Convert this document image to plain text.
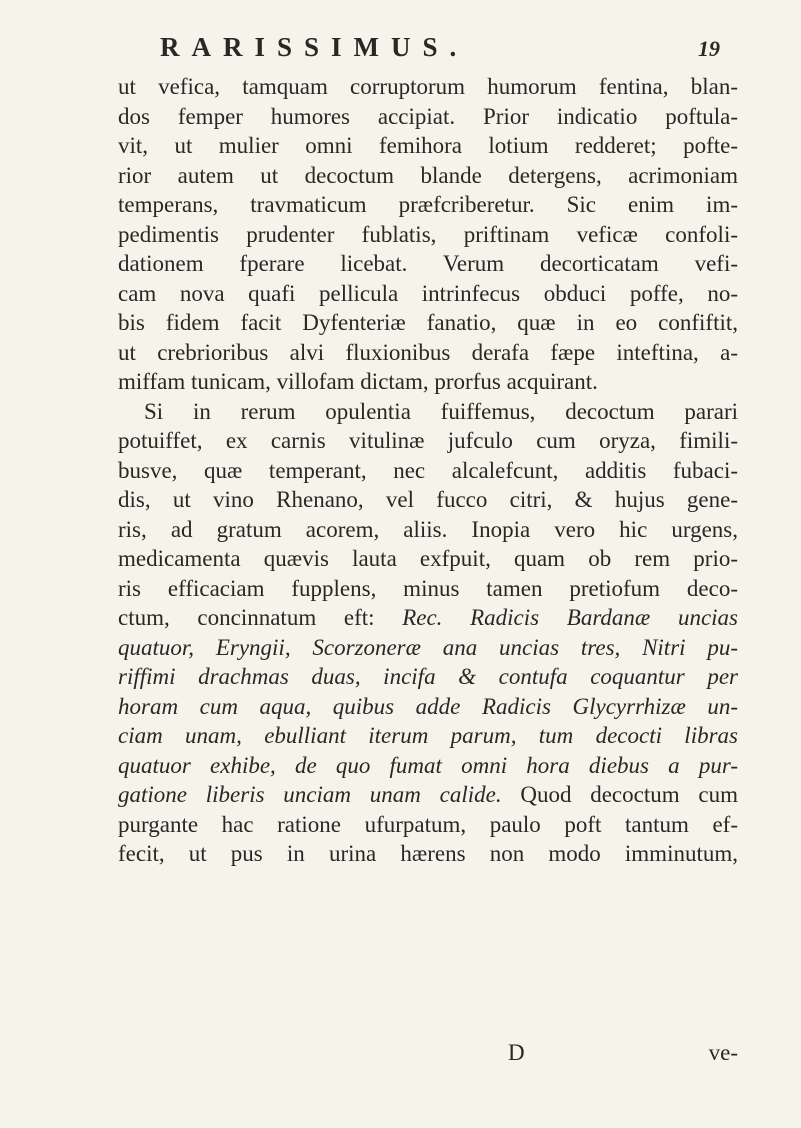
RARISSIMUS.	19
ut vefica, tamquam corruptorum humorum fentina, blan-
dos femper humores accipiat. Prior indicatio poftula-
vit, ut mulier omni femihora lotium redderet; pofte-
rior autem ut decoctum blande detergens, acrimoniam
temperans, travmaticum præfcriberetur. Sic enim im-
pedimentis prudenter fublatis, priftinam veficæ confoli-
dationem fperare licebat. Verum decorticatam vefi-
cam nova quafi pellicula intrinfecus obduci poffe, no-
bis fidem facit Dyfenteriæ fanatio, quæ in eo confiftit,
ut crebrioribus alvi fluxionibus derafa fæpe inteftina, a-
miffam tunicam, villofam dictam, prorfus acquirant.
Si in rerum opulentia fuiffemus, decoctum parari
potuiffet, ex carnis vitulinæ jufculo cum oryza, fimili-
busve, quæ temperant, nec alcalefcunt, additis fubaci-
dis, ut vino Rhenano, vel fucco citri, & hujus gene-
ris, ad gratum acorem, aliis. Inopia vero hic urgens,
medicamenta quævis lauta exfpuit, quam ob rem prio-
ris efficaciam fupplens, minus tamen pretiofum deco-
ctum, concinnatum eft: Rec. Radicis Bardanæ uncias
quatuor, Eryngii, Scorzoneræ ana uncias tres, Nitri pu-
riffimi drachmas duas, incifa & contufa coquantur per
horam cum aqua, quibus adde Radicis Glycyrrhizæ un-
ciam unam, ebulliant iterum parum, tum decocti libras
quatuor exhibe, de quo fumat omni hora diebus a pur-
gatione liberis unciam unam calide. Quod decoctum cum
purgante hac ratione ufurpatum, paulo poft tantum ef-
fecit, ut pus in urina hærens non modo imminutum,
D	ve-
